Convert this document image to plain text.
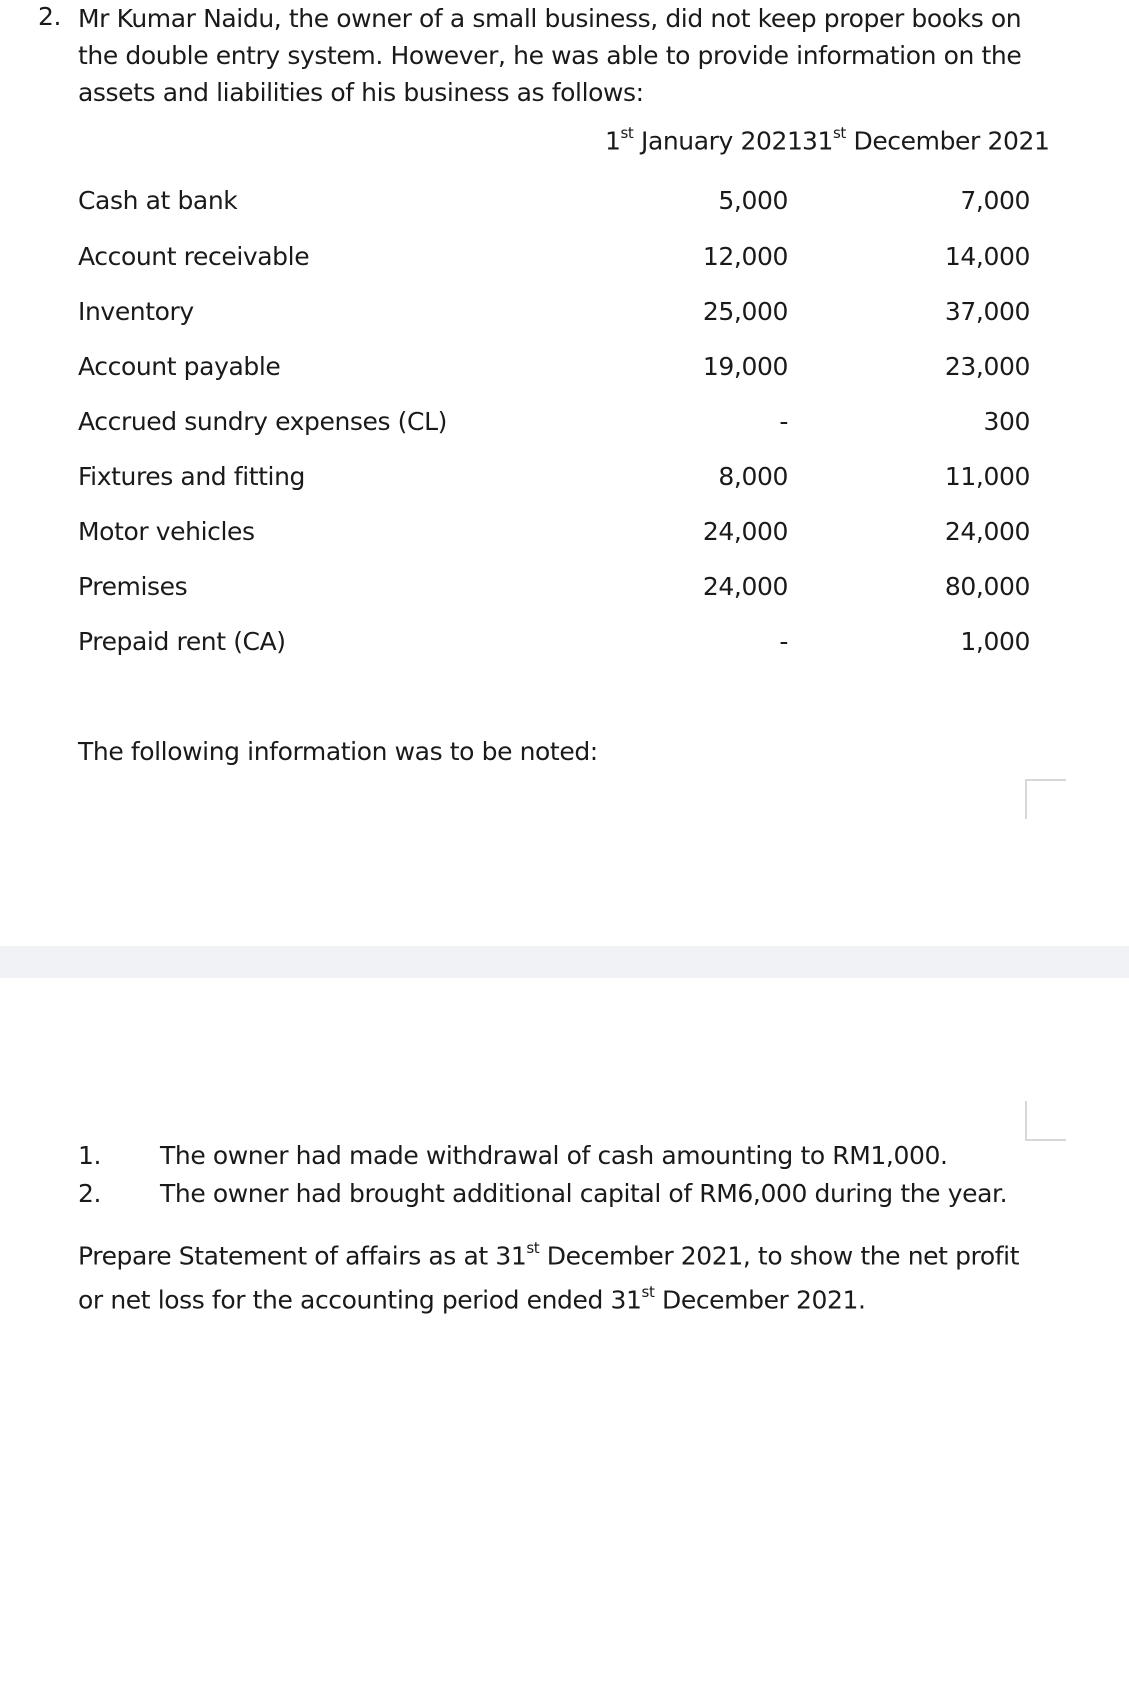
2. Mr Kumar Naidu, the owner of a small business, did not keep proper books on the double entry system. However, he was able to provide information on the assets and liabilities of his business as follows:
1st January 2021 31st December 2021
Cash at bank	5,000	7,000
Account receivable	12,000	14,000
Inventory	25,000	37,000
Account payable	19,000	23,000
Accrued sundry expenses (CL)	-	300
Fixtures and fitting	8,000	11,000
Motor vehicles	24,000	24,000
Premises	24,000	80,000
Prepaid rent (CA)	-	1,000
The following information was to be noted:
1. The owner had made withdrawal of cash amounting to RM1,000.
2. The owner had brought additional capital of RM6,000 during the year.
Prepare Statement of affairs as at 31st December 2021, to show the net profit or net loss for the accounting period ended 31st December 2021.
